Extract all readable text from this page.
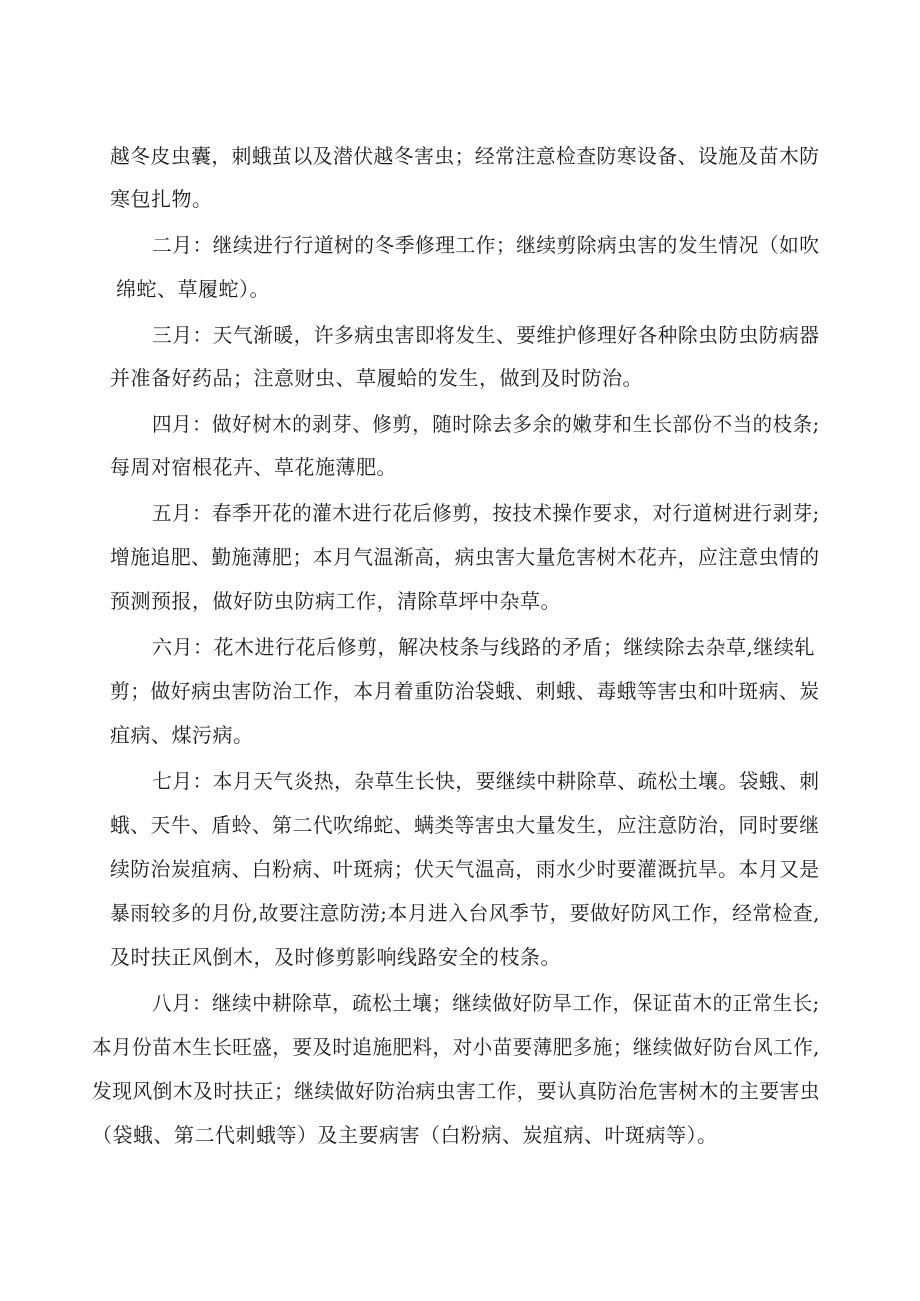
越冬皮虫囊，刺蛾茧以及潜伏越冬害虫；经常注意检查防寒设备、设施及苗木防
寒包扎物。
二月：继续进行行道树的冬季修理工作；继续剪除病虫害的发生情况（如吹
绵蛇、草履蛇）。
三月：天气渐暖，许多病虫害即将发生、要维护修理好各种除虫防虫防病器
并准备好药品；注意财虫、草履蛤的发生，做到及时防治。
四月：做好树木的剥芽、修剪，随时除去多余的嫩芽和生长部份不当的枝条;
每周对宿根花卉、草花施薄肥。
五月：春季开花的灌木进行花后修剪，按技术操作要求，对行道树进行剥芽;
增施追肥、勤施薄肥；本月气温渐高，病虫害大量危害树木花卉，应注意虫情的
预测预报，做好防虫防病工作，清除草坪中杂草。
六月：花木进行花后修剪，解决枝条与线路的矛盾；继续除去杂草,继续轧
剪；做好病虫害防治工作，本月着重防治袋蛾、刺蛾、毒蛾等害虫和叶斑病、炭
疽病、煤污病。
七月：本月天气炎热，杂草生长快，要继续中耕除草、疏松土壤。袋蛾、刺
蛾、天牛、盾蛉、第二代吹绵蛇、螨类等害虫大量发生，应注意防治，同时要继
续防治炭疽病、白粉病、叶斑病；伏天气温高，雨水少时要灌溉抗旱。本月又是
暴雨较多的月份,故要注意防涝;本月进入台风季节，要做好防风工作，经常检查,
及时扶正风倒木，及时修剪影响线路安全的枝条。
八月：继续中耕除草，疏松土壤；继续做好防旱工作，保证苗木的正常生长;
本月份苗木生长旺盛，要及时追施肥料，对小苗要薄肥多施；继续做好防台风工作,
发现风倒木及时扶正；继续做好防治病虫害工作，要认真防治危害树木的主要害虫
（袋蛾、第二代刺蛾等）及主要病害（白粉病、炭疽病、叶斑病等）。
